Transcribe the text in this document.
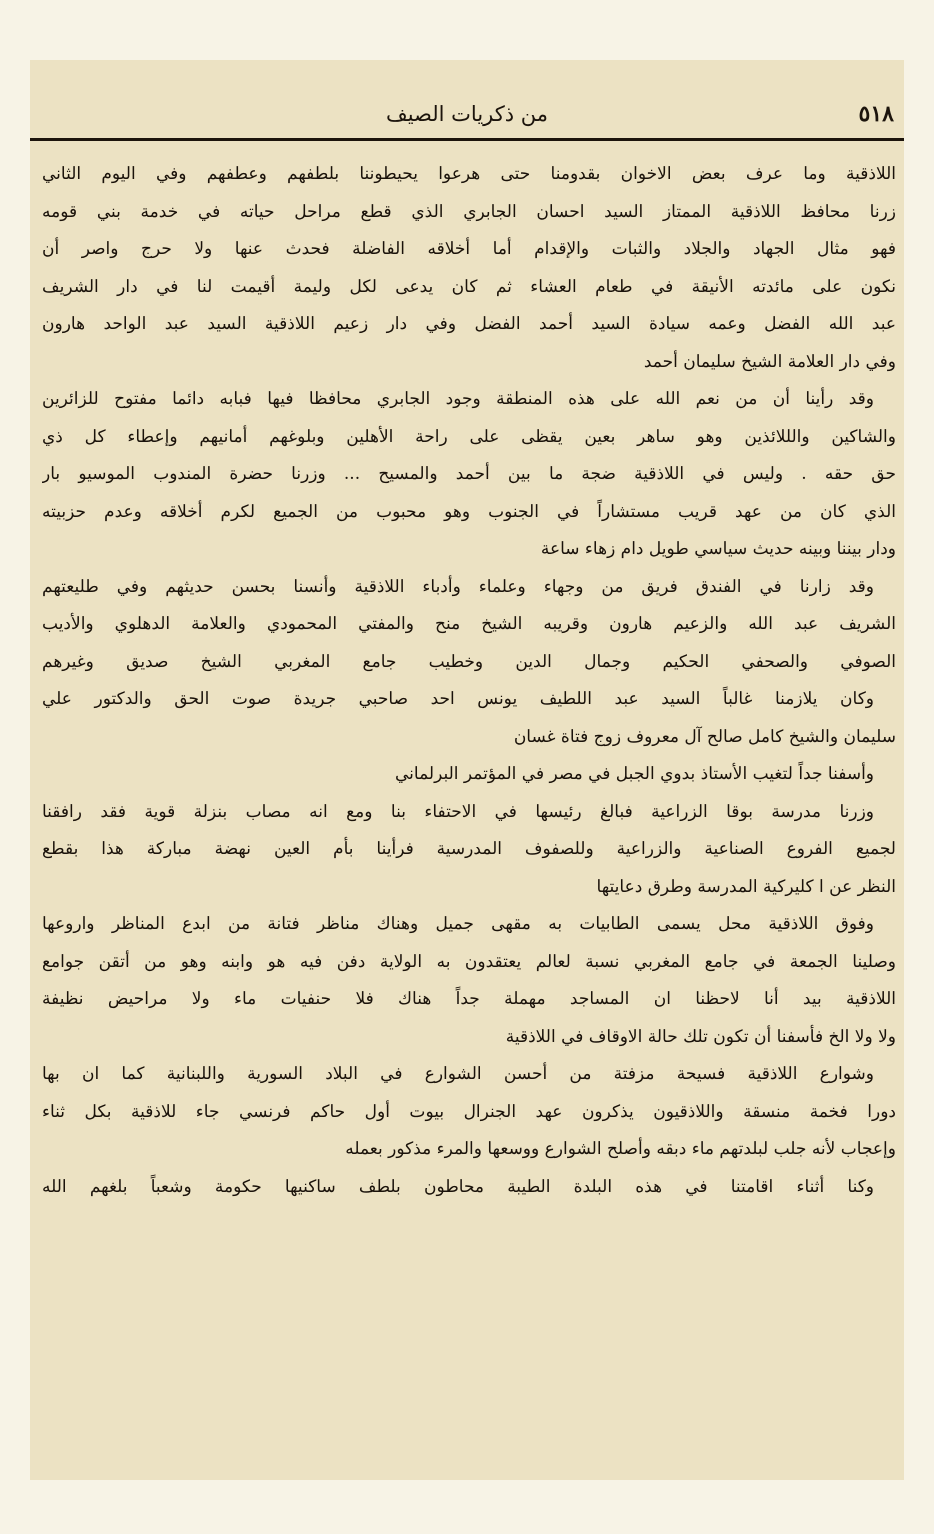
٥١٨
من ذكريات الصيف
اللاذقية وما عرف بعض الاخوان بقدومنا حتى هرعوا يحيطوننا بلطفهم وعطفهم وفي اليوم الثاني
زرنا محافظ اللاذقية الممتاز السيد احسان الجابري الذي قطع مراحل حياته في خدمة بني قومه
فهو مثال الجهاد والجلاد والثبات والإقدام أما أخلاقه الفاضلة فحدث عنها ولا حرج واصر أن
نكون على مائدته الأنيقة في طعام العشاء ثم كان يدعى لكل وليمة أقيمت لنا في دار الشريف
عبد الله الفضل وعمه سيادة السيد أحمد الفضل وفي دار زعيم اللاذقية السيد عبد الواحد هارون
وفي دار العلامة الشيخ سليمان أحمد
وقد رأينا أن من نعم الله على هذه المنطقة وجود الجابري محافظا فيها فبابه دائما مفتوح للزائرين
والشاكين والللائذين وهو ساهر بعين يقظى على راحة الأهلين وبلوغهم أمانيهم وإعطاء كل ذي
حق حقه . وليس في اللاذقية ضجة ما بين أحمد والمسيح ... وزرنا حضرة المندوب الموسيو بار
الذي كان من عهد قريب مستشاراً في الجنوب وهو محبوب من الجميع لكرم أخلاقه وعدم حزبيته
ودار بيننا وبينه حديث سياسي طويل دام زهاء ساعة
وقد زارنا في الفندق فريق من وجهاء وعلماء وأدباء اللاذقية وأنسنا بحسن حديثهم وفي طليعتهم
الشريف عبد الله والزعيم هارون وقريبه الشيخ منح والمفتي المحمودي والعلامة الدهلوي والأديب
الصوفي والصحفي الحكيم وجمال الدين وخطيب جامع المغربي الشيخ صديق وغيرهم
وكان يلازمنا غالباً السيد عبد اللطيف يونس احد صاحبي جريدة صوت الحق والدكتور علي
سليمان والشيخ كامل صالح آل معروف زوج فتاة غسان
وأسفنا جداً لتغيب الأستاذ بدوي الجبل في مصر في المؤتمر البرلماني
وزرنا مدرسة بوقا الزراعية فبالغ رئيسها في الاحتفاء بنا ومع انه مصاب بنزلة قوية فقد رافقنا
لجميع الفروع الصناعية والزراعية وللصفوف المدرسية فرأينا بأم العين نهضة مباركة هذا بقطع
النظر عن ا كليركية المدرسة وطرق دعايتها
وفوق اللاذقية محل يسمى الطابيات به مقهى جميل وهناك مناظر فتانة من ابدع المناظر واروعها
وصلينا الجمعة في جامع المغربي نسبة لعالم يعتقدون به الولاية دفن فيه هو وابنه وهو من أتقن جوامع
اللاذقية بيد أنا لاحظنا ان المساجد مهملة جداً هناك فلا حنفيات ماء ولا مراحيض نظيفة
ولا ولا الخ فأسفنا أن تكون تلك حالة الاوقاف في اللاذقية
وشوارع اللاذقية فسيحة مزفتة من أحسن الشوارع في البلاد السورية واللبنانية كما ان بها
دورا فخمة منسقة واللاذقيون يذكرون عهد الجنرال بيوت أول حاكم فرنسي جاء للاذقية بكل ثناء
وإعجاب لأنه جلب لبلدتهم ماء دبقه وأصلح الشوارع ووسعها والمرء مذكور بعمله
وكنا أثناء اقامتنا في هذه البلدة الطيبة محاطون بلطف ساكنيها حكومة وشعباً بلغهم الله
